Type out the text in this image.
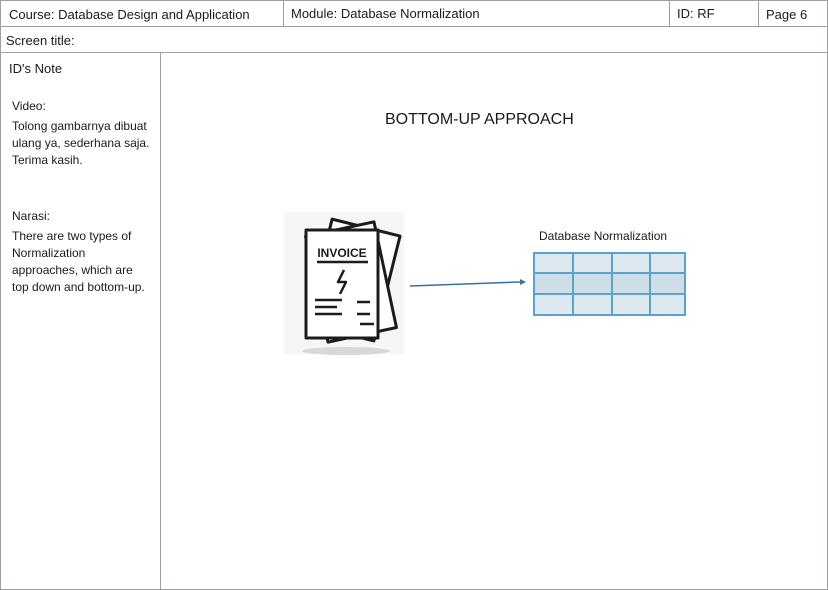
Course: Database Design and Application	Module: Database Normalization	ID: RF	Page 6
Screen title:
ID's Note
Video:
Tolong gambarnya dibuat ulang ya, sederhana saja. Terima kasih.
Narasi:
There are two types of Normalization approaches, which are top down and bottom-up.
BOTTOM-UP APPROACH
INVOICE
Database Normalization
